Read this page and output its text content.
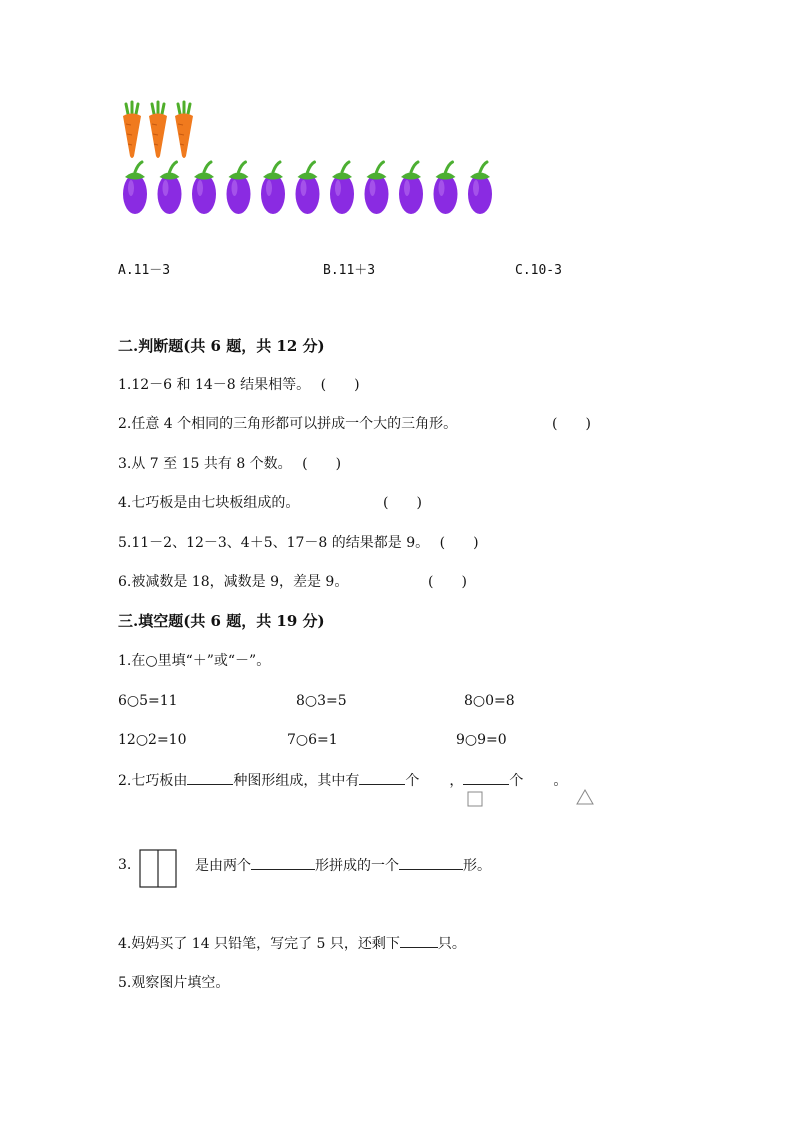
A.11－3	B.11＋3	C.10-3
二.判断题(共 6 题，共 12 分)
1.12－6 和 14－8 结果相等。 (　　)
2.任意 4 个相同的三角形都可以拼成一个大的三角形。	(　　)
3.从 7 至 15 共有 8 个数。 (　　)
4.七巧板是由七块板组成的。	(　　)
5.11－2、12－3、4＋5、17－8 的结果都是 9。 (　　)
6.被减数是 18，减数是 9，差是 9。	(　　)
三.填空题(共 6 题，共 19 分)
1.在○里填“＋”或“－”。
6○5=11	8○3=5	8○0=8
12○2=10	7○6=1	9○9=0
2.七巧板由	种图形组成，其中有	个 ，	个 。
3.	是由两个	形拼成的一个	形。
4.妈妈买了 14 只铅笔，写完了 5 只，还剩下	只。
5.观察图片填空。
